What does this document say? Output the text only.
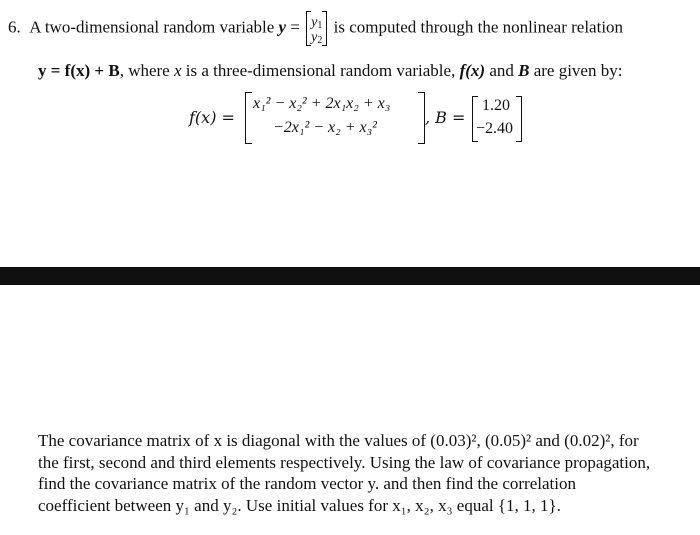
6. A two-dimensional random variable $y = y_1$
$y_2$
is computed through the nonlinear relation
y = f(x) + B, where x is a three-dimensional random variable, f(x) and B are given by:
f(x) =
x₁² − x₂² + 2x₁x₂ + x₃
−2x₁² − x₂ + x₃²
, B =
1.20
−2.40
The covariance matrix of x is diagonal with the values of (0.03)², (0.05)² and (0.02)², for
the first, second and third elements respectively. Using the law of covariance propagation,
find the covariance matrix of the random vector y. and then find the correlation
coefficient between y₁ and y₂. Use initial values for x₁, x₂, x₃ equal {1, 1, 1}.
